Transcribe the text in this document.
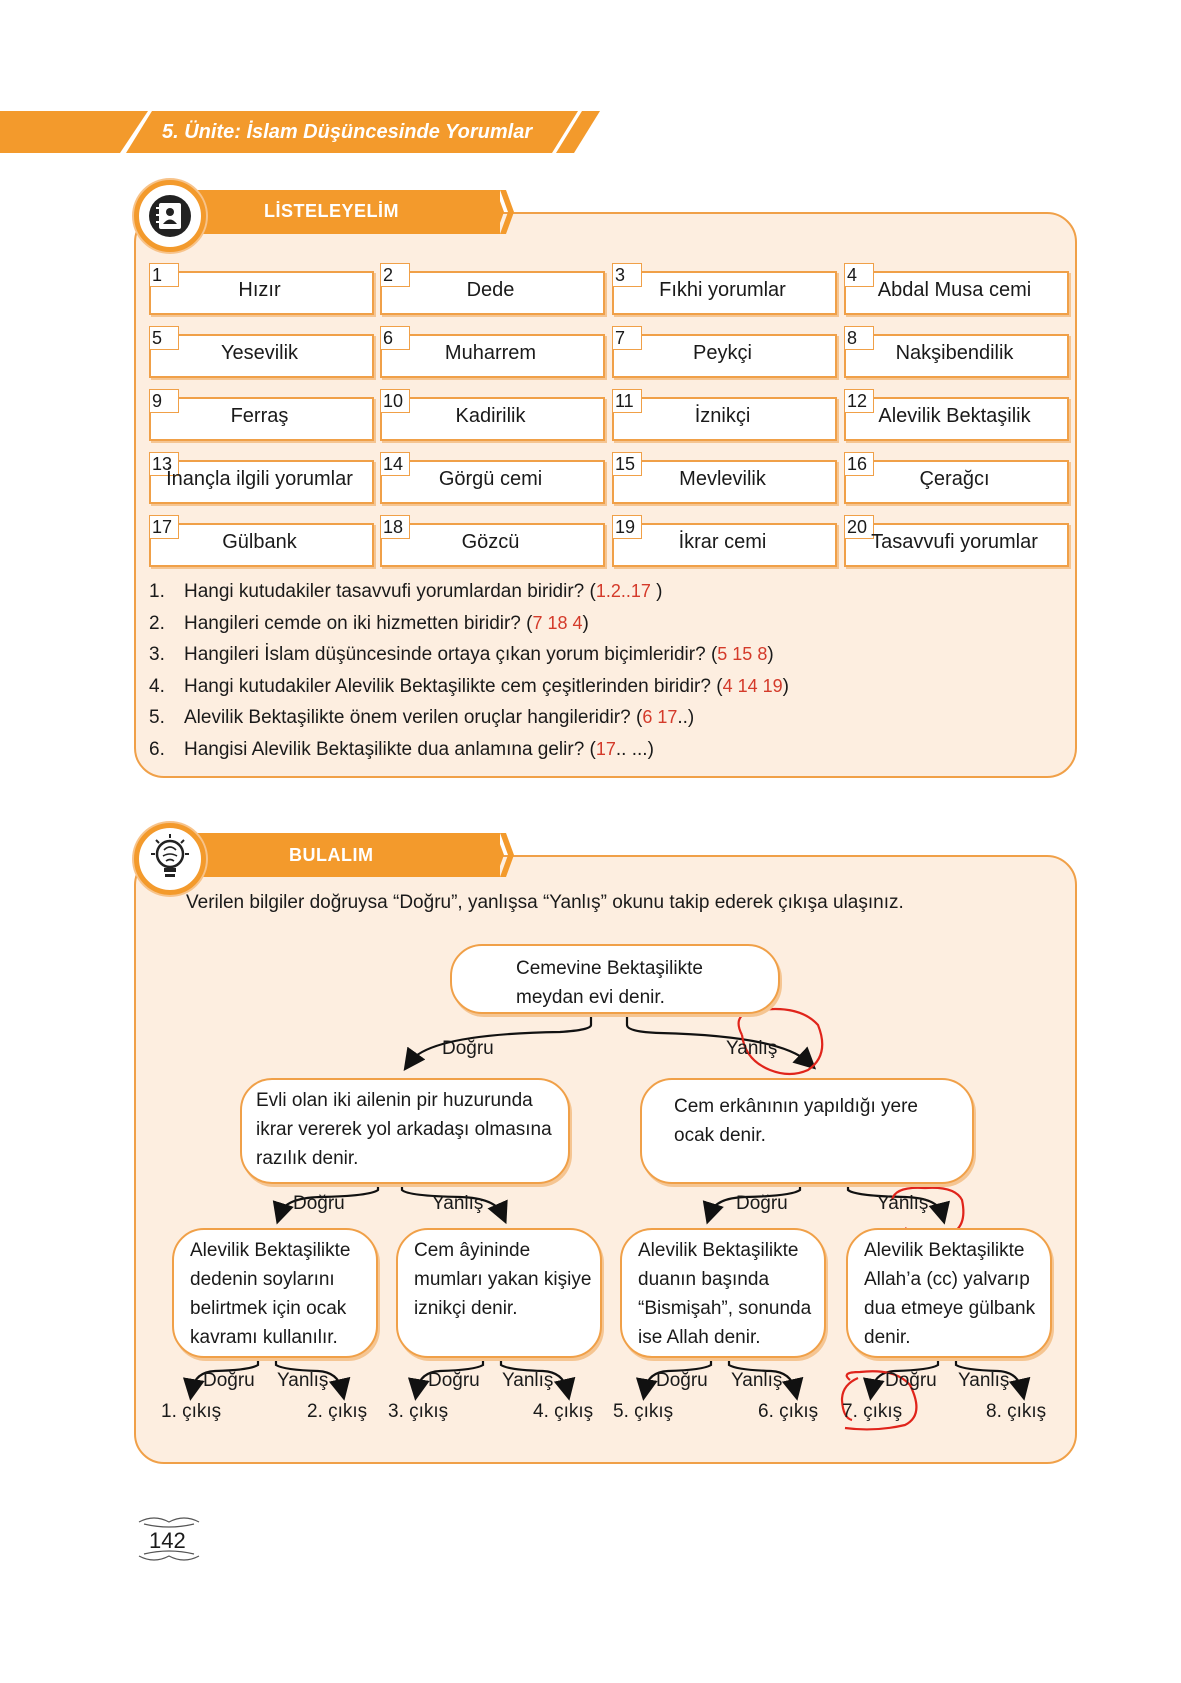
5. Ünite: İslam Düşüncesinde Yorumlar
LİSTELEYELİM
1
Hızır
2
Dede
3
Fıkhi yorumlar
4
Abdal Musa cemi
5
Yesevilik
6
Muharrem
7
Peykçi
8
Nakşibendilik
9
Ferraş
10
Kadirilik
11
İznikçi
12
Alevilik Bektaşilik
13
İnançla ilgili yorumlar
14
Görgü cemi
15
Mevlevilik
16
Çerağcı
17
Gülbank
18
Gözcü
19
İkrar cemi
20
Tasavvufi yorumlar
1. Hangi kutudakiler tasavvufi yorumlardan biridir? (1.2..17 )
2. Hangileri cemde on iki hizmetten biridir? (7 18 4)
3. Hangileri İslam düşüncesinde ortaya çıkan yorum biçimleridir? (5 15 8)
4. Hangi kutudakiler Alevilik Bektaşilikte cem çeşitlerinden biridir? (4 14 19)
5. Alevilik Bektaşilikte önem verilen oruçlar hangileridir? (6 17..)
6. Hangisi Alevilik Bektaşilikte dua anlamına gelir? (17.. ...)
BULALIM
Verilen bilgiler doğruysa “Doğru”, yanlışsa “Yanlış” okunu takip ederek çıkışa ulaşınız.
Cemevine Bektaşilikte meydan evi denir.
Evli olan iki ailenin pir huzurunda ikrar vererek yol arkadaşı olmasına razılık denir.
Cem erkânının yapıldığı yere ocak denir.
Alevilik Bektaşilikte dedenin soylarını belirtmek için ocak kavramı kullanılır.
Cem âyininde mumları yakan kişiye iznikçi denir.
Alevilik Bektaşilikte duanın başında “Bismişah”, sonunda ise Allah denir.
Alevilik Bektaşilikte Allah’a (cc) yalvarıp dua etmeye gülbank denir.
Doğru	Yanlış
Doğru	Yanlış	Doğru	Yanlış
Doğru Yanlış	Doğru Yanlış	Doğru Yanlış	Doğru Yanlış
1. çıkış	2. çıkış 3. çıkış	4. çıkış 5. çıkış	6. çıkış 7. çıkış	8. çıkış
142
